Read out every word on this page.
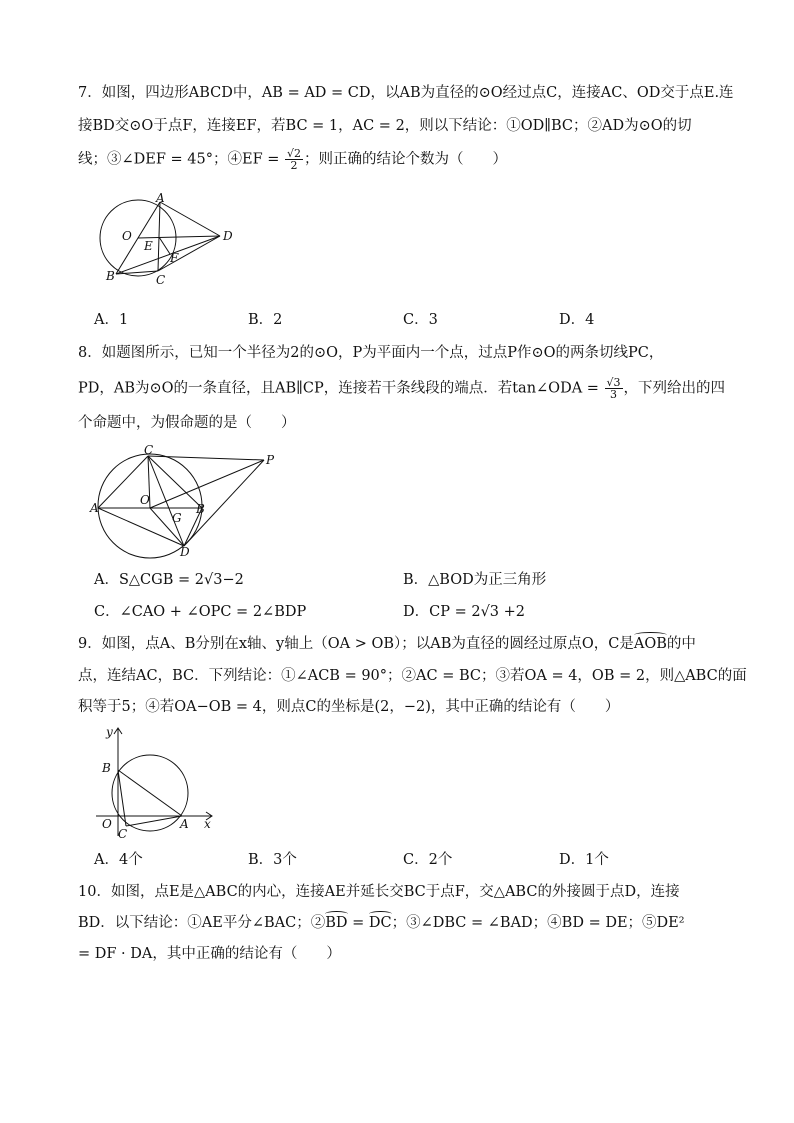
7．如图，四边形ABCD中，AB = AD = CD，以AB为直径的⊙O经过点C，连接AC、OD交于点E.连
接BD交⊙O于点F，连接EF，若BC = 1，AC = 2，则以下结论：①OD∥BC；②AD为⊙O的切
线；③∠DEF = 45°；④EF = $\frac{√2}{2}$ ；则正确的结论个数为（　　）
A
O
E
D
F
B	C
A．1	B．2	C．3	D．4
8．如题图所示，已知一个半径为2的⊙O，P为平面内一个点，过点P作⊙O的两条切线PC，
PD，AB为⊙O的一条直径，且AB∥CP，连接若干条线段的端点．若tan∠ODA = $\frac{√3}{3}$ ，下列给出的四
个命题中，为假命题的是（　　）
C
P
O
A
G
B
D
A．S△CGB = 2√3−2	B．△BOD为正三角形
C．∠CAO + ∠OPC = 2∠BDP	D．CP = 2√3 +2
9．如图，点A、B分别在x轴、y轴上（OA > OB）；以AB为直径的圆经过原点O，C是AOB的中
点，连结AC，BC．下列结论：①∠ACB = 90°；②AC = BC；③若OA = 4，OB = 2，则△ABC的面
积等于5；④若OA−OB = 4，则点C的坐标是(2，−2)，其中正确的结论有（　　）
y
B
O
C
A x
A．4个	B．3个	C．2个	D．1个
10．如图，点E是△ABC的内心，连接AE并延长交BC于点F，交△ABC的外接圆于点D，连接
BD．以下结论：①AE平分∠BAC；②BD = DC；③∠DBC = ∠BAD；④BD = DE；⑤DE²
= DF · DA，其中正确的结论有（　　）
